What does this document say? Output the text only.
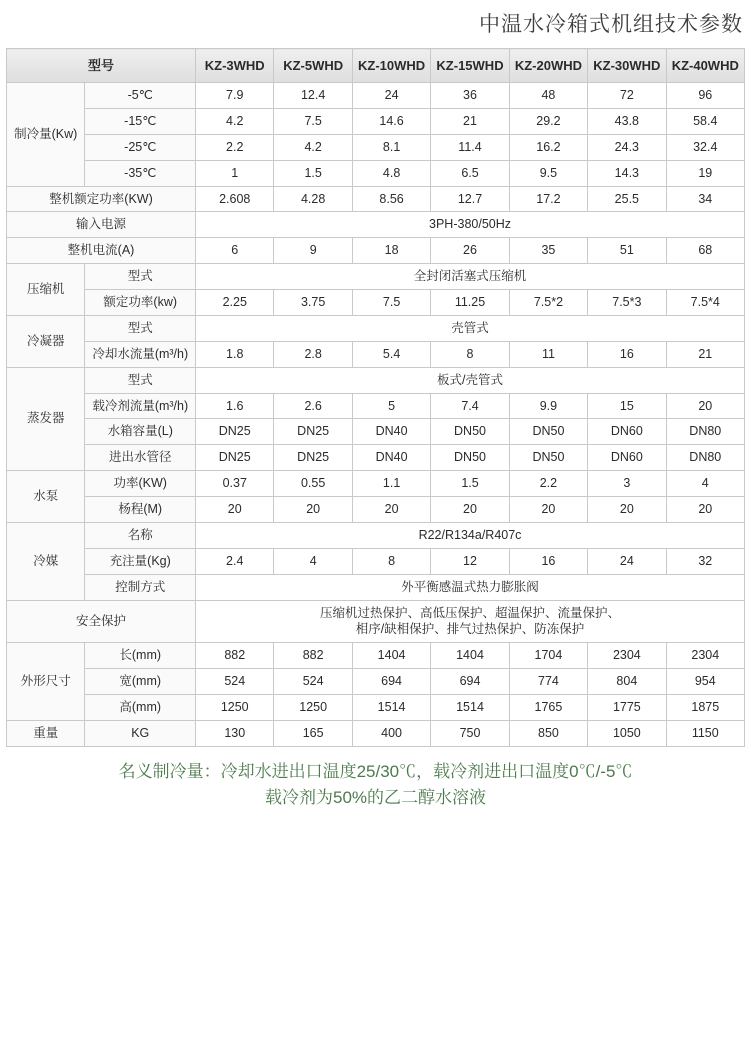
中温水冷箱式机组技术参数
型号		KZ-3WHD	KZ-5WHD	KZ-10WHD	KZ-15WHD	KZ-20WHD	KZ-30WHD	KZ-40WHD
制冷量(Kw)	-5℃	7.9	12.4	24	36	48	72	96
	-15℃	4.2	7.5	14.6	21	29.2	43.8	58.4
	-25℃	2.2	4.2	8.1	11.4	16.2	24.3	32.4
	-35℃	1	1.5	4.8	6.5	9.5	14.3	19
整机额定功率(KW)		2.608	4.28	8.56	12.7	17.2	25.5	34
输入电源		3PH-380/50Hz						
整机电流(A)		6	9	18	26	35	51	68
压缩机	型式	全封闭活塞式压缩机						
	额定功率(kw)	2.25	3.75	7.5	11.25	7.5*2	7.5*3	7.5*4
冷凝器	型式	壳管式						
	冷却水流量(m³/h)	1.8	2.8	5.4	8	11	16	21
蒸发器	型式	板式/壳管式						
	载冷剂流量(m³/h)	1.6	2.6	5	7.4	9.9	15	20
	水箱容量(L)	DN25	DN25	DN40	DN50	DN50	DN60	DN80
	进出水管径	DN25	DN25	DN40	DN50	DN50	DN60	DN80
水泵	功率(KW)	0.37	0.55	1.1	1.5	2.2	3	4
	杨程(M)	20	20	20	20	20	20	20
冷媒	名称	R22/R134a/R407c						
	充注量(Kg)	2.4	4	8	12	16	24	32
	控制方式	外平衡感温式热力膨胀阀						
安全保护		压缩机过热保护、高低压保护、超温保护、流量保护、
相序/缺相保护、排气过热保护、防冻保护						
外形尺寸	长(mm)	882	882	1404	1404	1704	2304	2304
	宽(mm)	524	524	694	694	774	804	954
	高(mm)	1250	1250	1514	1514	1765	1775	1875
重量	KG	130	165	400	750	850	1050	1150
名义制冷量：冷却水进出口温度25/30℃，载冷剂进出口温度0℃/-5℃
载冷剂为50%的乙二醇水溶液
